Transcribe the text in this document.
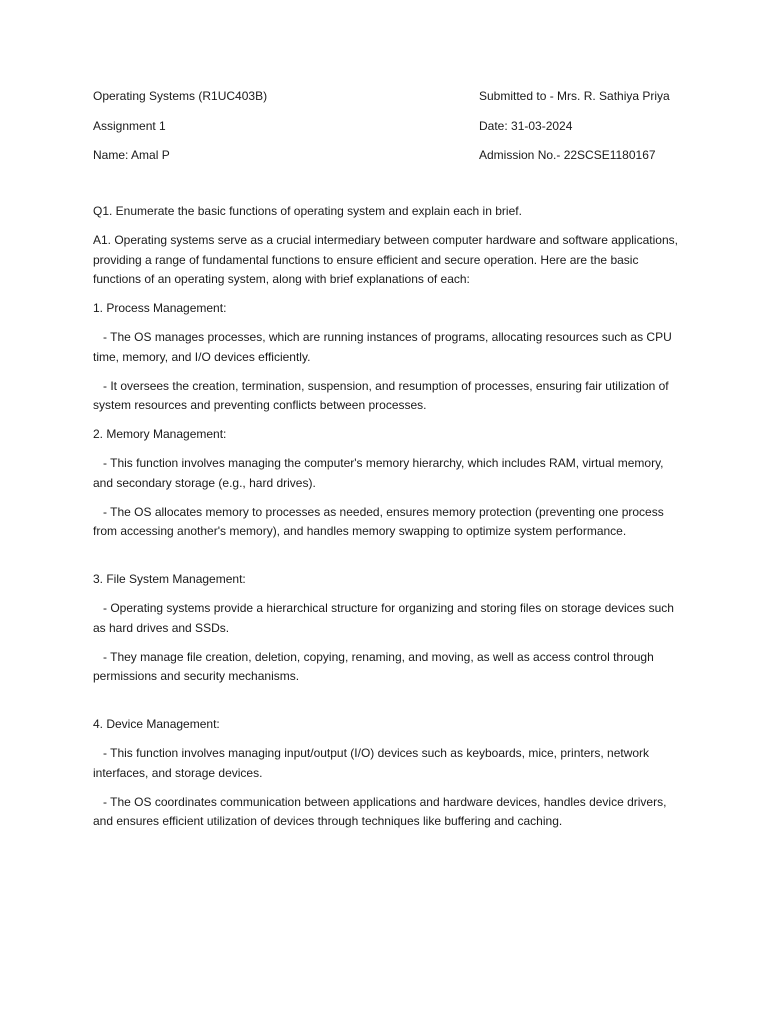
Operating Systems (R1UC403B)	Submitted to - Mrs. R. Sathiya Priya
Assignment 1	Date: 31-03-2024
Name: Amal P	Admission No.- 22SCSE1180167

Q1. Enumerate the basic functions of operating system and explain each in brief.

A1. Operating systems serve as a crucial intermediary between computer hardware and software applications, providing a range of fundamental functions to ensure efficient and secure operation. Here are the basic functions of an operating system, along with brief explanations of each:

1. Process Management:

- The OS manages processes, which are running instances of programs, allocating resources such as CPU time, memory, and I/O devices efficiently.

- It oversees the creation, termination, suspension, and resumption of processes, ensuring fair utilization of system resources and preventing conflicts between processes.

2. Memory Management:

- This function involves managing the computer's memory hierarchy, which includes RAM, virtual memory, and secondary storage (e.g., hard drives).

- The OS allocates memory to processes as needed, ensures memory protection (preventing one process from accessing another's memory), and handles memory swapping to optimize system performance.

3. File System Management:

- Operating systems provide a hierarchical structure for organizing and storing files on storage devices such as hard drives and SSDs.

- They manage file creation, deletion, copying, renaming, and moving, as well as access control through permissions and security mechanisms.

4. Device Management:

- This function involves managing input/output (I/O) devices such as keyboards, mice, printers, network interfaces, and storage devices.

- The OS coordinates communication between applications and hardware devices, handles device drivers, and ensures efficient utilization of devices through techniques like buffering and caching.
